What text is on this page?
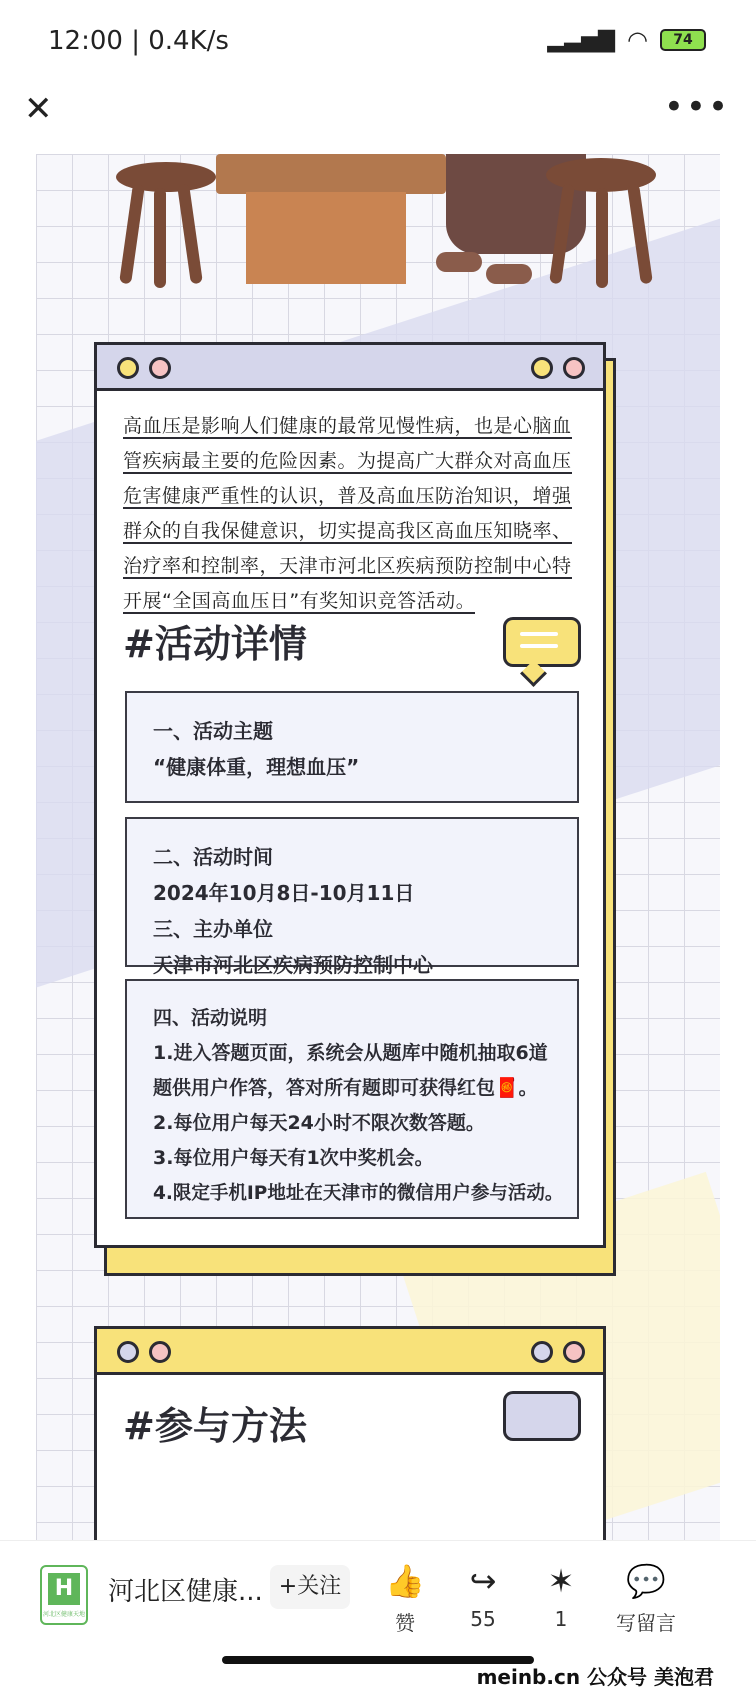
12:00 | 0.4K/s	▂▃▅▇ ◠	74
✕	•••
高血压是影响人们健康的最常见慢性病，也是心脑血管疾病最主要的危险因素。为提高广大群众对高血压危害健康严重性的认识，普及高血压防治知识，增强群众的自我保健意识，切实提高我区高血压知晓率、治疗率和控制率，天津市河北区疾病预防控制中心特开展“全国高血压日”有奖知识竞答活动。
#活动详情
一、活动主题
“健康体重，理想血压”
二、活动时间
2024年10月8日-10月11日
三、主办单位
天津市河北区疾病预防控制中心
四、活动说明
1.进入答题页面，系统会从题库中随机抽取6道题供用户作答，答对所有题即可获得红包🧧。
2.每位用户每天24小时不限次数答题。
3.每位用户每天有1次中奖机会。
4.限定手机IP地址在天津市的微信用户参与活动。
#参与方法
H
河北区健康天地
河北区健康... +关注	👍
赞
↪
55
✶
1
💬
写留言
meinb.cn 公众号 美泡君
